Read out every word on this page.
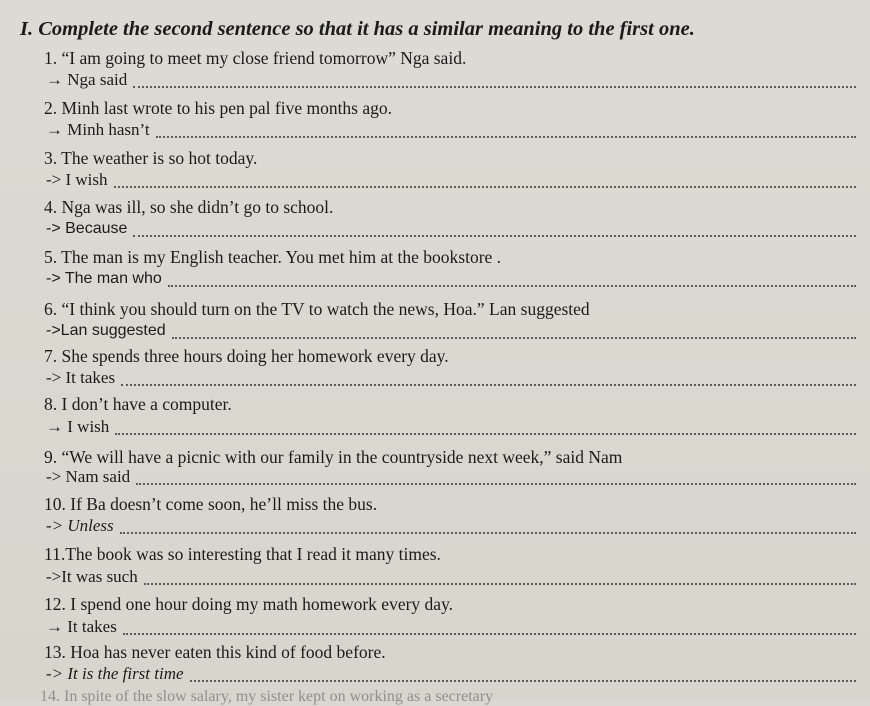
I. Complete the second sentence so that it has a similar meaning to the first one.
1. “I am going to meet my close friend tomorrow” Nga said.
→ Nga said
2. Minh last wrote to his pen pal five months ago.
→ Minh hasn’t
3. The weather is so hot today.
-> I wish
4. Nga was ill, so she didn’t go to school.
-> Because
5. The man is my English teacher. You met him at the bookstore .
-> The man who
6. “I think you should turn on the TV to watch the news, Hoa.” Lan suggested
->Lan suggested
7. She spends three hours doing her homework every day.
-> It takes
8. I don’t have a computer.
→ I wish
9. “We will have a picnic with our family in the countryside next week,” said Nam
-> Nam said
10. If Ba doesn’t come soon, he’ll miss the bus.
-> Unless
11.The book was so interesting that I read it many times.
->It was such
12. I spend one hour doing my math homework every day.
→ It takes
13. Hoa has never eaten this kind of food before.
-> It is the first time
14. In spite of the slow salary, my sister kept on working as a secretary
